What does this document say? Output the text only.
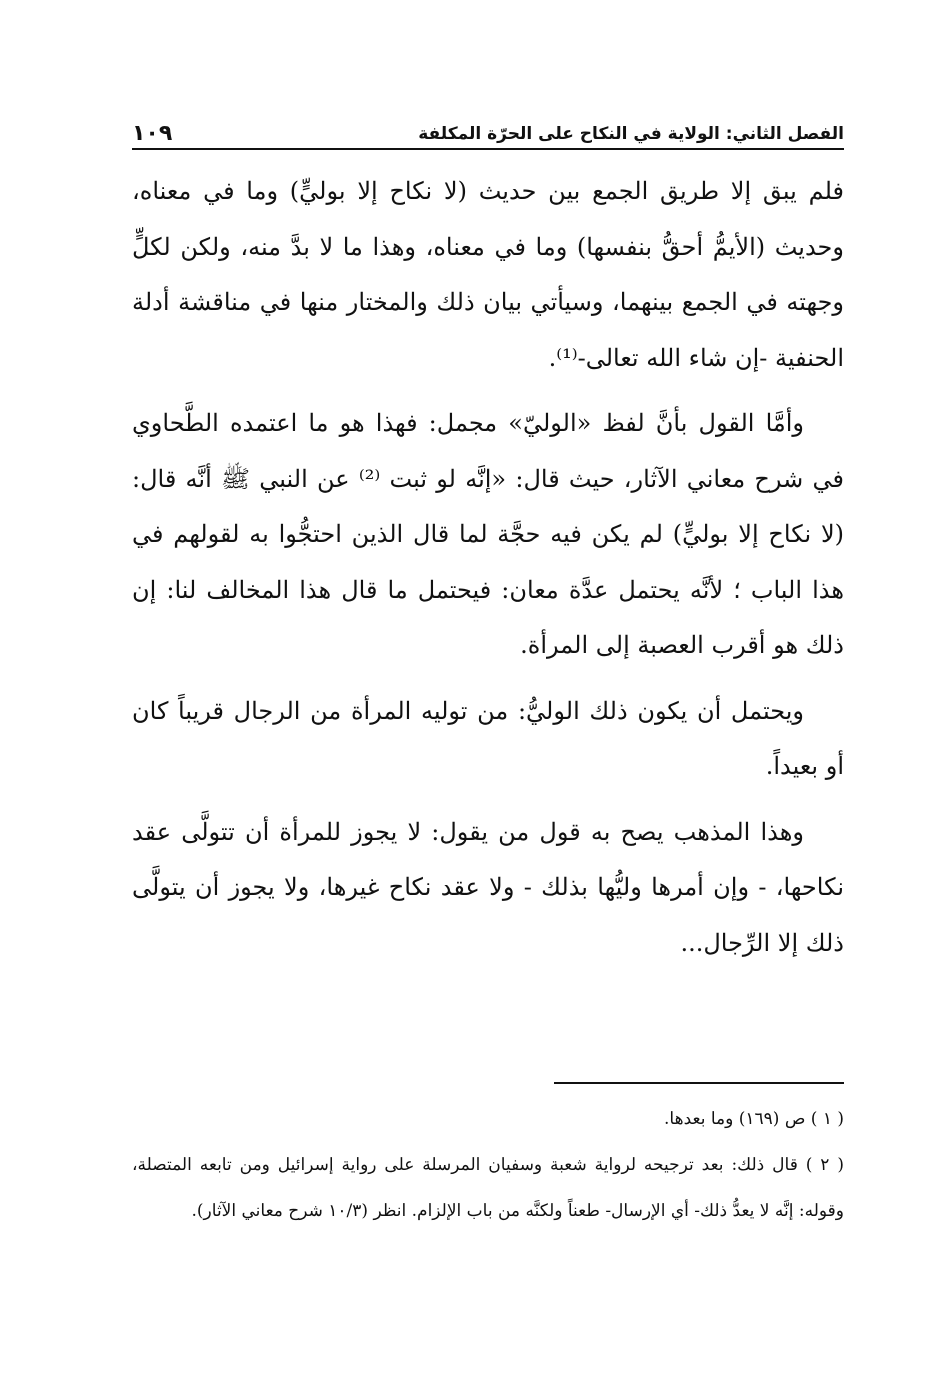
١٠٩	الفصل الثاني: الولاية في النكاح على الحرّة المكلفة

فلم يبق إلا طريق الجمع بين حديث (لا نكاح إلا بوليٍّ) وما في معناه، وحديث (الأيمُّ أحقُّ بنفسها) وما في معناه، وهذا ما لا بدَّ منه، ولكن لكلٍّ وجهته في الجمع بينهما، وسيأتي بيان ذلك والمختار منها في مناقشة أدلة الحنفية -إن شاء الله تعالى-⁽¹⁾.

وأمَّا القول بأنَّ لفظ «الوليّ» مجمل: فهذا هو ما اعتمده الطَّحاوي في شرح معاني الآثار، حيث قال: «إنَّه لو ثبت ⁽²⁾ عن النبي ﷺ أنَّه قال: (لا نكاح إلا بوليٍّ) لم يكن فيه حجَّة لما قال الذين احتجُّوا به لقولهم في هذا الباب ؛ لأنَّه يحتمل عدَّة معان: فيحتمل ما قال هذا المخالف لنا: إن ذلك هو أقرب العصبة إلى المرأة.

ويحتمل أن يكون ذلك الوليُّ: من توليه المرأة من الرجال قريباً كان أو بعيداً.

وهذا المذهب يصح به قول من يقول: لا يجوز للمرأة أن تتولَّى عقد نكاحها، - وإن أمرها وليُّها بذلك - ولا عقد نكاح غيرها، ولا يجوز أن يتولَّى ذلك إلا الرِّجال...

( ١ ) ص (١٦٩) وما بعدها.

( ٢ ) قال ذلك: بعد ترجيحه لرواية شعبة وسفيان المرسلة على رواية إسرائيل ومن تابعه المتصلة، وقوله: إنَّه لا يعدُّ ذلك- أي الإرسال- طعناً ولكنَّه من باب الإلزام. انظر (١٠/٣ شرح معاني الآثار).
